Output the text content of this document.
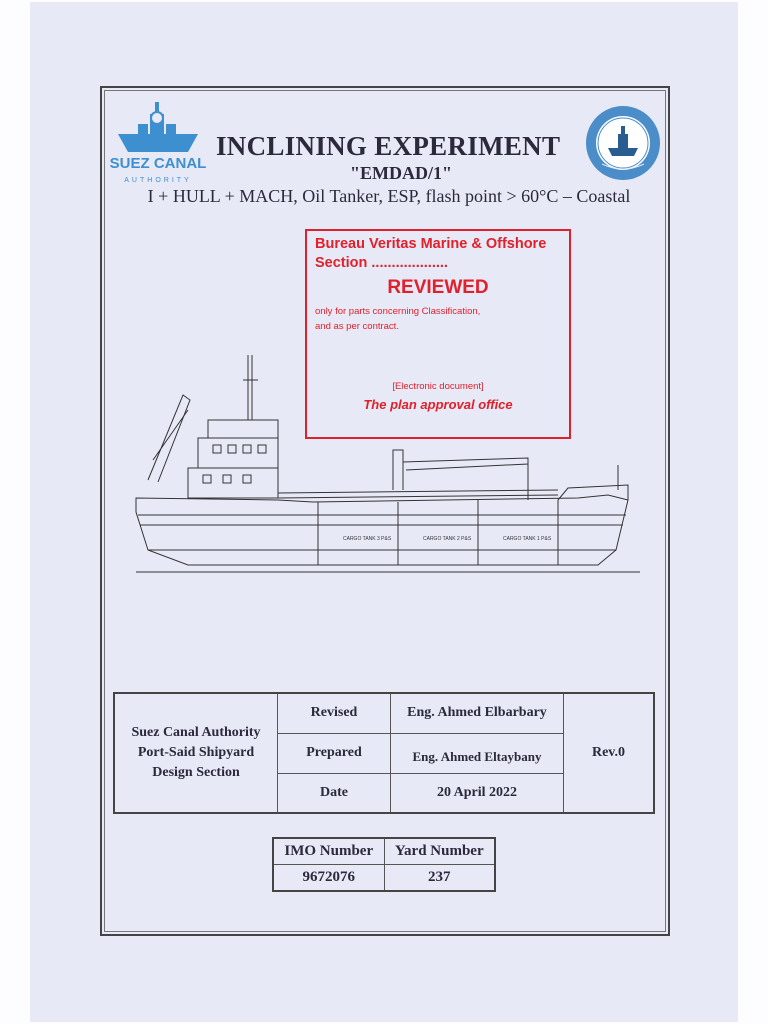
SUEZ CANAL
AUTHORITY
INCLINING EXPERIMENT
"EMDAD/1"
I + HULL + MACH, Oil Tanker, ESP, flash point > 60°C – Coastal
Bureau Veritas Marine & Offshore Section ...................
REVIEWED
only for parts concerning Classification,
and as per contract.
[Electronic document]
The plan approval office
CARGO TANK 3 P&S	CARGO TANK 2 P&S	CARGO TANK 1 P&S
Suez Canal Authority
Port-Said Shipyard
Design Section	Revised	Eng. Ahmed Elbarbary	Rev.0
	Prepared	Eng. Ahmed Eltaybany	
	Date	20 April 2022	
IMO Number	Yard Number
9672076	237
